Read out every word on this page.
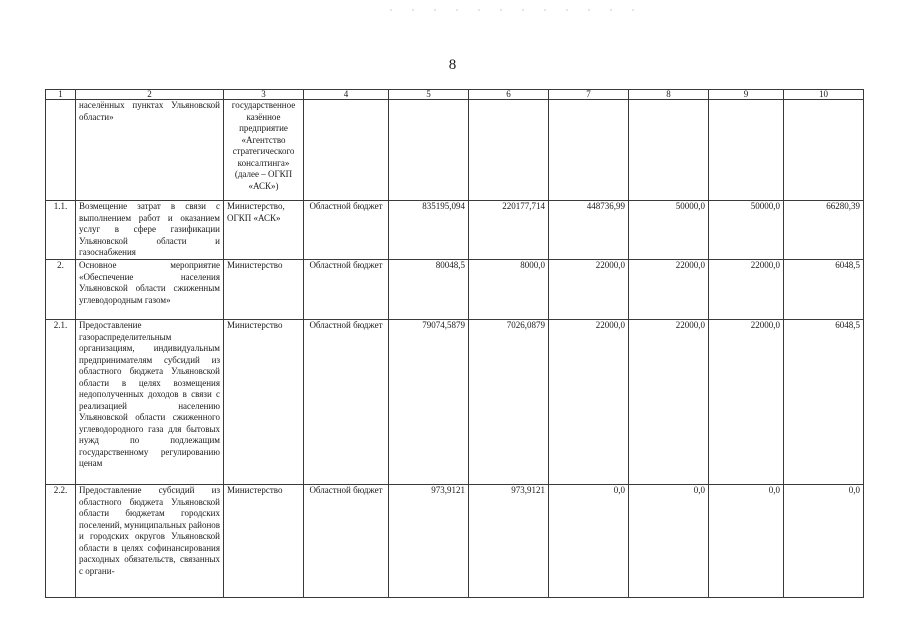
8
1	2	3	4	5	6	7	8	9	10
	населённых пунктах Ульяновской области»	государственное казённое предприятие «Агентство стратегического консалтинга» (далее – ОГКП «АСК»)							
1.1.	Возмещение затрат в связи с выполнением работ и оказанием услуг в сфере газификации Ульяновской области и газоснабжения	Министерство, ОГКП «АСК»	Областной бюджет	835195,094	220177,714	448736,99	50000,0	50000,0	66280,39
2.	Основное мероприятие «Обеспечение населения Ульяновской области сжиженным углеводородным газом»	Министерство	Областной бюджет	80048,5	8000,0	22000,0	22000,0	22000,0	6048,5
2.1.	Предоставление газораспределительным организациям, индивидуальным предпринимателям субсидий из областного бюджета Ульяновской области в целях возмещения недополученных доходов в связи с реализацией населению Ульяновской области сжиженного углеводородного газа для бытовых нужд по подлежащим государственному регулированию ценам	Министерство	Областной бюджет	79074,5879	7026,0879	22000,0	22000,0	22000,0	6048,5
2.2.	Предоставление субсидий из областного бюджета Ульяновской области бюджетам городских поселений, муниципальных районов и городских округов Ульяновской области в целях софинансирования расходных обязательств, связанных с органи-	Министерство	Областной бюджет	973,9121	973,9121	0,0	0,0	0,0	0,0
